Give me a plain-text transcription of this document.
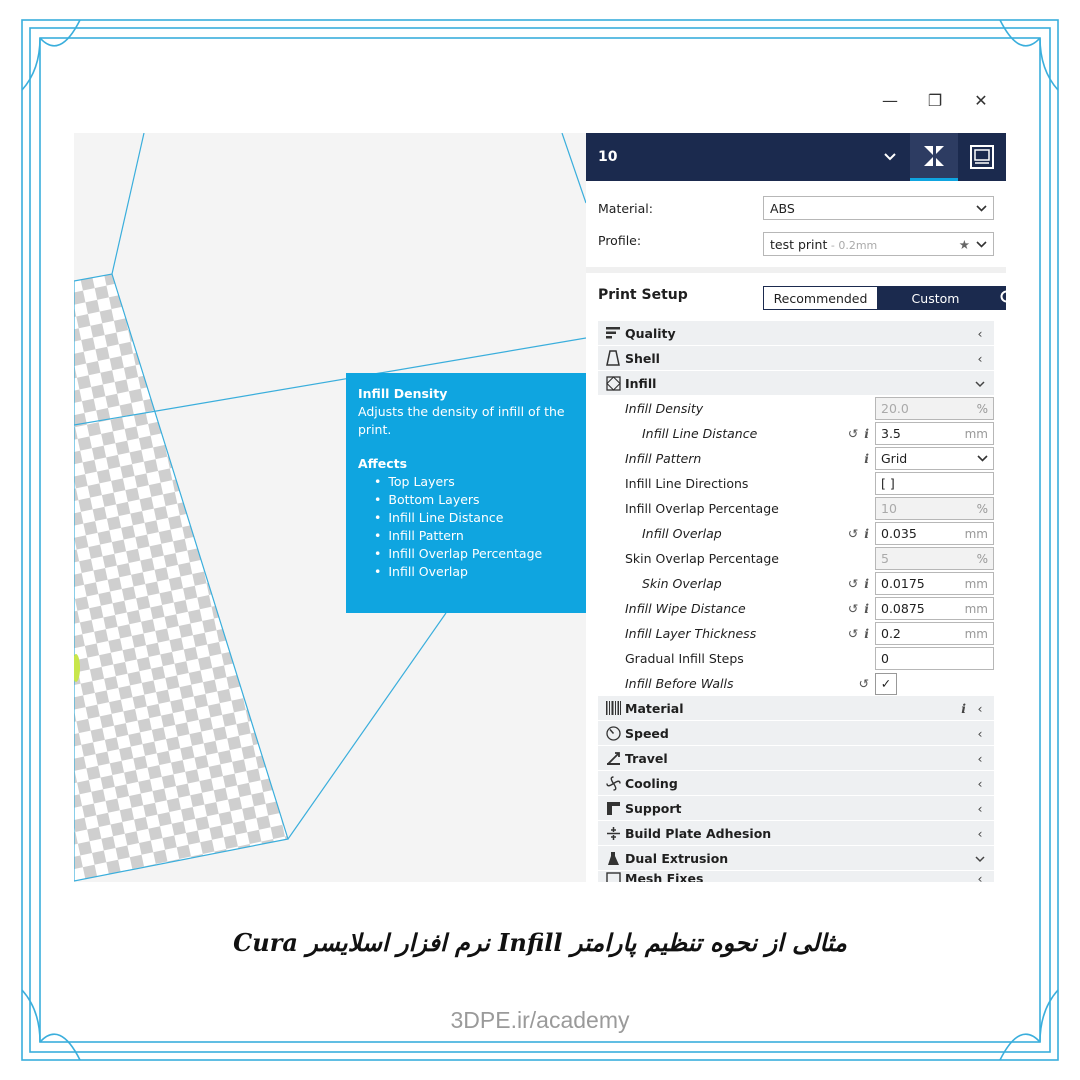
— ❐ ✕
Infill Density
Adjusts the density of infill of the print.
Affects
• Top Layers
• Bottom Layers
• Infill Line Distance
• Infill Pattern
• Infill Overlap Percentage
• Infill Overlap
10
Material:	ABS
Profile:	test print - 0.2mm	★
Print Setup	Recommended	Custom
Quality	‹
Shell	‹
Infill
Infill Density	20.0	%
Infill Line Distance	↺ i 3.5	mm
Infill Pattern	i Grid
Infill Line Directions	[ ]
Infill Overlap Percentage	10	%
Infill Overlap	↺ i 0.035	mm
Skin Overlap Percentage	5	%
Skin Overlap	↺ i 0.0175	mm
Infill Wipe Distance	↺ i 0.0875	mm
Infill Layer Thickness	↺ i 0.2	mm
Gradual Infill Steps	0
Infill Before Walls	↺ ✓
Material	i ‹
Speed	‹
Travel	‹
Cooling	‹
Support	‹
Build Plate Adhesion	‹
Dual Extrusion
Mesh Fixes	‹
مثالی از نحوه تنظیم پارامتر Infill نرم افزار اسلایسر Cura
3DPE.ir/academy
